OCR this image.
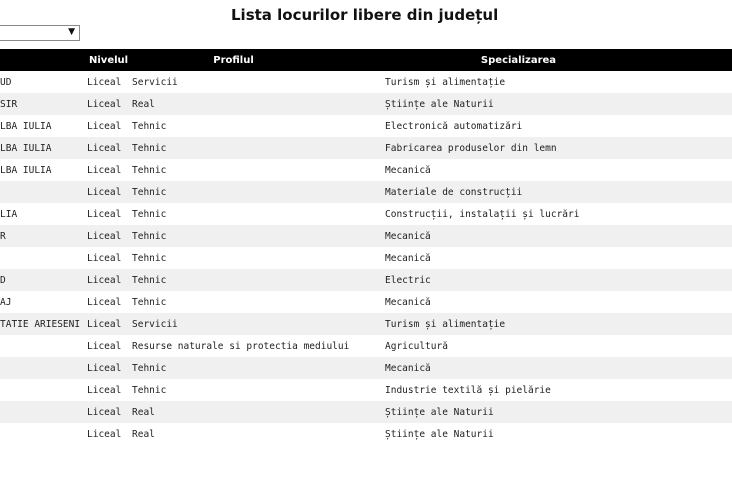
Lista locurilor libere din județul
▼
	Nivelul	Profilul	Specializarea
UD	Liceal	Servicii	Turism și alimentație
SIR	Liceal	Real	Științe ale Naturii
LBA IULIA	Liceal	Tehnic	Electronică automatizări
LBA IULIA	Liceal	Tehnic	Fabricarea produselor din lemn
LBA IULIA	Liceal	Tehnic	Mecanică
	Liceal	Tehnic	Materiale de construcții
LIA	Liceal	Tehnic	Construcții, instalații și lucrări
R	Liceal	Tehnic	Mecanică
	Liceal	Tehnic	Mecanică
D	Liceal	Tehnic	Electric
AJ	Liceal	Tehnic	Mecanică
TATIE ARIESENI	Liceal	Servicii	Turism și alimentație
	Liceal	Resurse naturale si protectia mediului	Agricultură
	Liceal	Tehnic	Mecanică
	Liceal	Tehnic	Industrie textilă și pielărie
	Liceal	Real	Științe ale Naturii
	Liceal	Real	Științe ale Naturii
